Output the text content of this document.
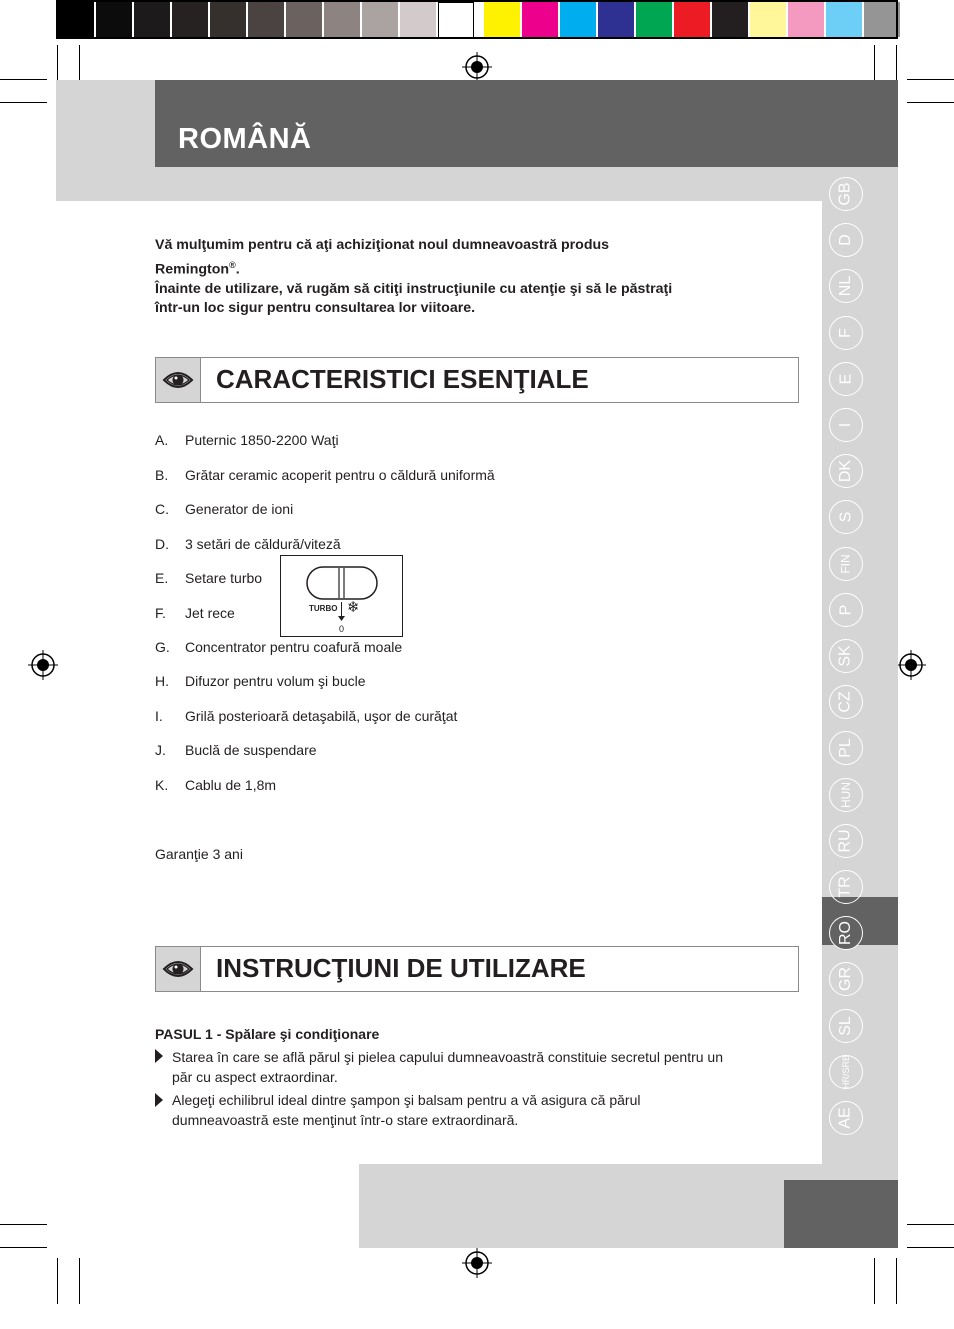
ROMÂNĂ
Vă mulţumim pentru că aţi achiziţionat noul dumneavoastră produs
Remington®.
Înainte de utilizare, vă rugăm să citiţi instrucţiunile cu atenţie şi să le păstraţi
într-un loc sigur pentru consultarea lor viitoare.
CARACTERISTICI ESENŢIALE
A. Puternic 1850-2200 Waţi
B. Grătar ceramic acoperit pentru o căldură uniformă
C. Generator de ioni
D. 3 setări de căldură/viteză
E. Setare turbo
F. Jet rece
G. Concentrator pentru coafură moale
H. Difuzor pentru volum şi bucle
I. Grilă posterioară detaşabilă, uşor de curăţat
J. Buclă de suspendare
K. Cablu de 1,8m
0
TURBO ❄
Garanţie 3 ani
INSTRUCŢIUNI DE UTILIZARE
PASUL 1 - Spălare şi condiţionare
Starea în care se află părul şi pielea capului dumneavoastră constituie secretul pentru un
păr cu aspect extraordinar.
Alegeţi echilibrul ideal dintre şampon şi balsam pentru a vă asigura că părul
dumneavoastră este menţinut într-o stare extraordinară.
GB
D
NL
F
E
I
DK
S
FIN
P
SK
CZ
PL
HUN
RU
TR
RO
GR
SL
HR/SRB
AE
